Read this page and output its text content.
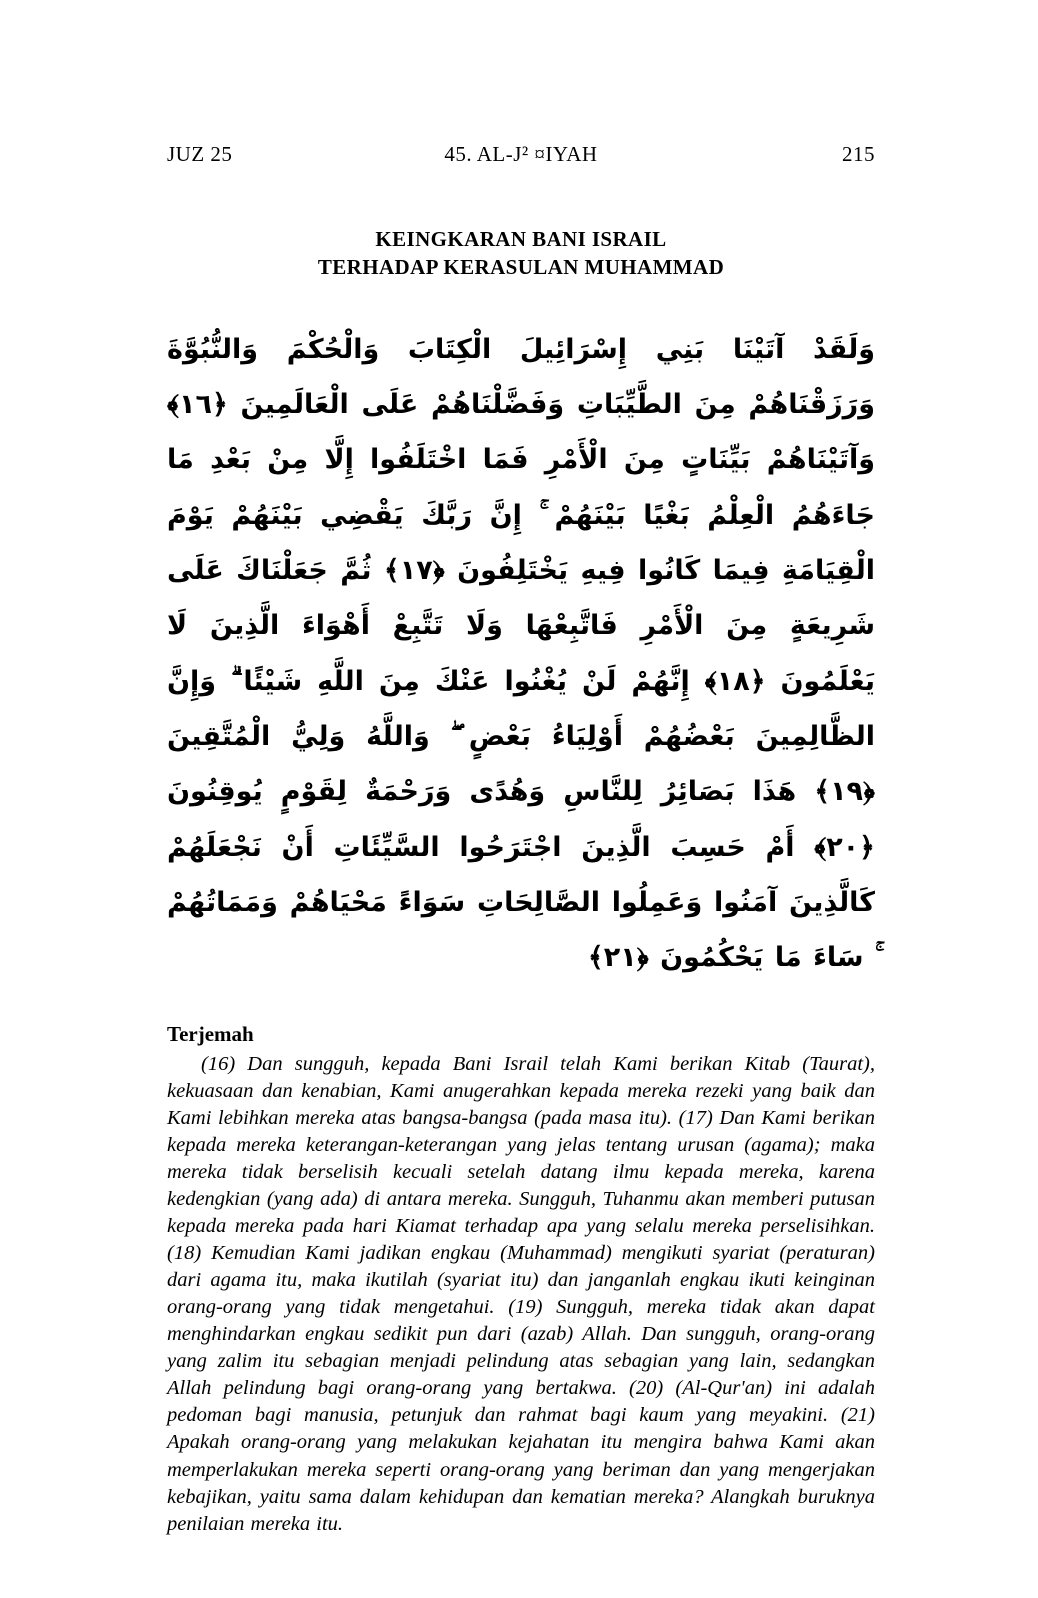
JUZ 25	45. AL-J² ¤IYAH	215
KEINGKARAN BANI ISRAIL
TERHADAP KERASULAN MUHAMMAD
وَلَقَدْ آتَيْنَا بَنِي إِسْرَائِيلَ الْكِتَابَ وَالْحُكْمَ وَالنُّبُوَّةَ وَرَزَقْنَاهُمْ مِنَ الطَّيِّبَاتِ وَفَضَّلْنَاهُمْ عَلَى الْعَالَمِينَ ﴿١٦﴾ وَآتَيْنَاهُمْ بَيِّنَاتٍ مِنَ الْأَمْرِ فَمَا اخْتَلَفُوا إِلَّا مِنْ بَعْدِ مَا جَاءَهُمُ الْعِلْمُ بَغْيًا بَيْنَهُمْ ۚ إِنَّ رَبَّكَ يَقْضِي بَيْنَهُمْ يَوْمَ الْقِيَامَةِ فِيمَا كَانُوا فِيهِ يَخْتَلِفُونَ ﴿١٧﴾ ثُمَّ جَعَلْنَاكَ عَلَى شَرِيعَةٍ مِنَ الْأَمْرِ فَاتَّبِعْهَا وَلَا تَتَّبِعْ أَهْوَاءَ الَّذِينَ لَا يَعْلَمُونَ ﴿١٨﴾ إِنَّهُمْ لَنْ يُغْنُوا عَنْكَ مِنَ اللَّهِ شَيْئًا ۗ وَإِنَّ الظَّالِمِينَ بَعْضُهُمْ أَوْلِيَاءُ بَعْضٍ ۖ وَاللَّهُ وَلِيُّ الْمُتَّقِينَ ﴿١٩﴾ هَذَا بَصَائِرُ لِلنَّاسِ وَهُدًى وَرَحْمَةٌ لِقَوْمٍ يُوقِنُونَ ﴿٢٠﴾ أَمْ حَسِبَ الَّذِينَ اجْتَرَحُوا السَّيِّئَاتِ أَنْ نَجْعَلَهُمْ كَالَّذِينَ آمَنُوا وَعَمِلُوا الصَّالِحَاتِ سَوَاءً مَحْيَاهُمْ وَمَمَاتُهُمْ ۚ سَاءَ مَا يَحْكُمُونَ ﴿٢١﴾
Terjemah

(16) Dan sungguh, kepada Bani Israil telah Kami berikan Kitab (Taurat), kekuasaan dan kenabian, Kami anugerahkan kepada mereka rezeki yang baik dan Kami lebihkan mereka atas bangsa-bangsa (pada masa itu). (17) Dan Kami berikan kepada mereka keterangan-keterangan yang jelas tentang urusan (agama); maka mereka tidak berselisih kecuali setelah datang ilmu kepada mereka, karena kedengkian (yang ada) di antara mereka. Sungguh, Tuhanmu akan memberi putusan kepada mereka pada hari Kiamat terhadap apa yang selalu mereka perselisihkan. (18) Kemudian Kami jadikan engkau (Muhammad) mengikuti syariat (peraturan) dari agama itu, maka ikutilah (syariat itu) dan janganlah engkau ikuti keinginan orang-orang yang tidak mengetahui. (19) Sungguh, mereka tidak akan dapat menghindarkan engkau sedikit pun dari (azab) Allah. Dan sungguh, orang-orang yang zalim itu sebagian menjadi pelindung atas sebagian yang lain, sedangkan Allah pelindung bagi orang-orang yang bertakwa. (20) (Al-Qur'an) ini adalah pedoman bagi manusia, petunjuk dan rahmat bagi kaum yang meyakini. (21) Apakah orang-orang yang melakukan kejahatan itu mengira bahwa Kami akan memperlakukan mereka seperti orang-orang yang beriman dan yang mengerjakan kebajikan, yaitu sama dalam kehidupan dan kematian mereka? Alangkah buruknya penilaian mereka itu.
